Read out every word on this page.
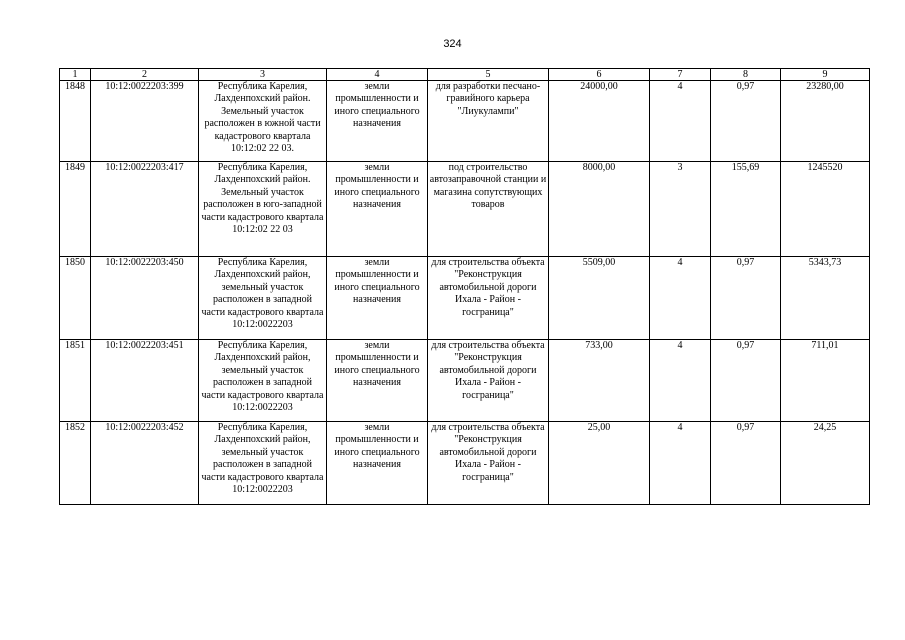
324
1	2	3	4	5	6	7	8	9
1848	10:12:0022203:399	Республика Карелия, Лахденпохский район. Земельный участок расположен в южной части кадастрового квартала 10:12:02 22 03.	земли промышленности и иного специального назначения	для разработки песчано-гравийного карьера "Лиукулампи"	24000,00	4	0,97	23280,00
1849	10:12:0022203:417	Республика Карелия, Лахденпохский район. Земельный участок расположен в юго-западной части кадастрового квартала 10:12:02 22 03	земли промышленности и иного специального назначения	под строительство автозаправочной станции и магазина сопутствующих товаров	8000,00	3	155,69	1245520
1850	10:12:0022203:450	Республика Карелия, Лахденпохский район, земельный участок расположен в западной части кадастрового квартала 10:12:0022203	земли промышленности и иного специального назначения	для строительства объекта "Реконструкция автомобильной дороги Ихала - Район - госграница"	5509,00	4	0,97	5343,73
1851	10:12:0022203:451	Республика Карелия, Лахденпохский район, земельный участок расположен в западной части кадастрового квартала 10:12:0022203	земли промышленности и иного специального назначения	для строительства объекта "Реконструкция автомобильной дороги Ихала - Район - госграница"	733,00	4	0,97	711,01
1852	10:12:0022203:452	Республика Карелия, Лахденпохский район, земельный участок расположен в западной части кадастрового квартала 10:12:0022203	земли промышленности и иного специального назначения	для строительства объекта "Реконструкция автомобильной дороги Ихала - Район - госграница"	25,00	4	0,97	24,25
